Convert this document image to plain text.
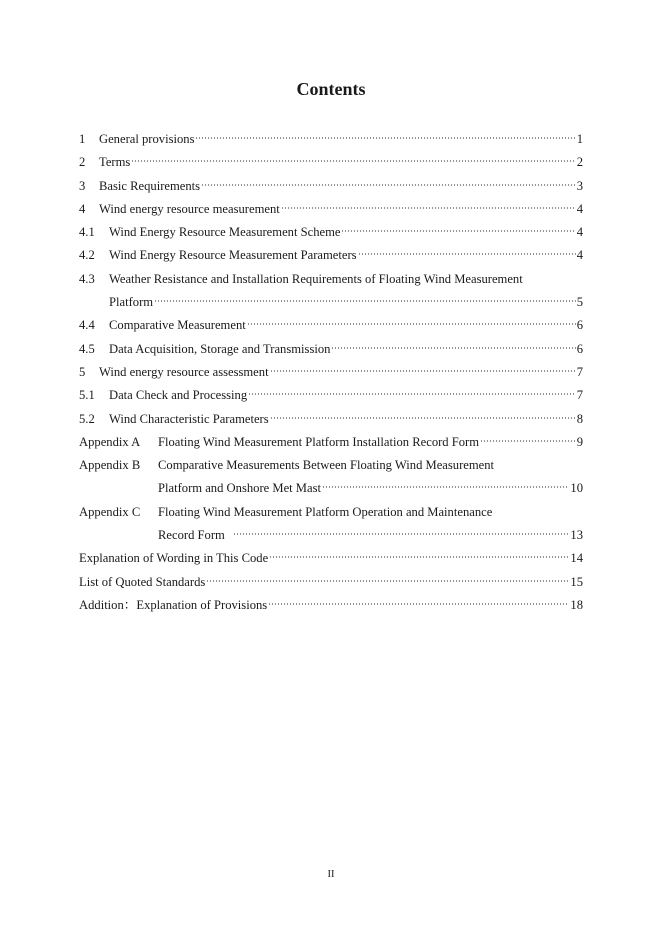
Contents
1	General provisions	1
2	Terms	2
3	Basic Requirements	3
4	Wind energy resource measurement	4
4.1	Wind Energy Resource Measurement Scheme	4
4.2	Wind Energy Resource Measurement Parameters	4
4.3	Weather Resistance and Installation Requirements of Floating Wind Measurement
Platform	5
4.4	Comparative Measurement	6
4.5	Data Acquisition, Storage and Transmission	6
5	Wind energy resource assessment	7
5.1	Data Check and Processing	7
5.2	Wind Characteristic Parameters	8
Appendix A	Floating Wind Measurement Platform Installation Record Form	9
Appendix B	Comparative Measurements Between Floating Wind Measurement
Platform and Onshore Met Mast	10
Appendix C	Floating Wind Measurement Platform Operation and Maintenance
Record Form	13
Explanation of Wording in This Code	14
List of Quoted Standards	15
Addition：Explanation of Provisions	18
II
